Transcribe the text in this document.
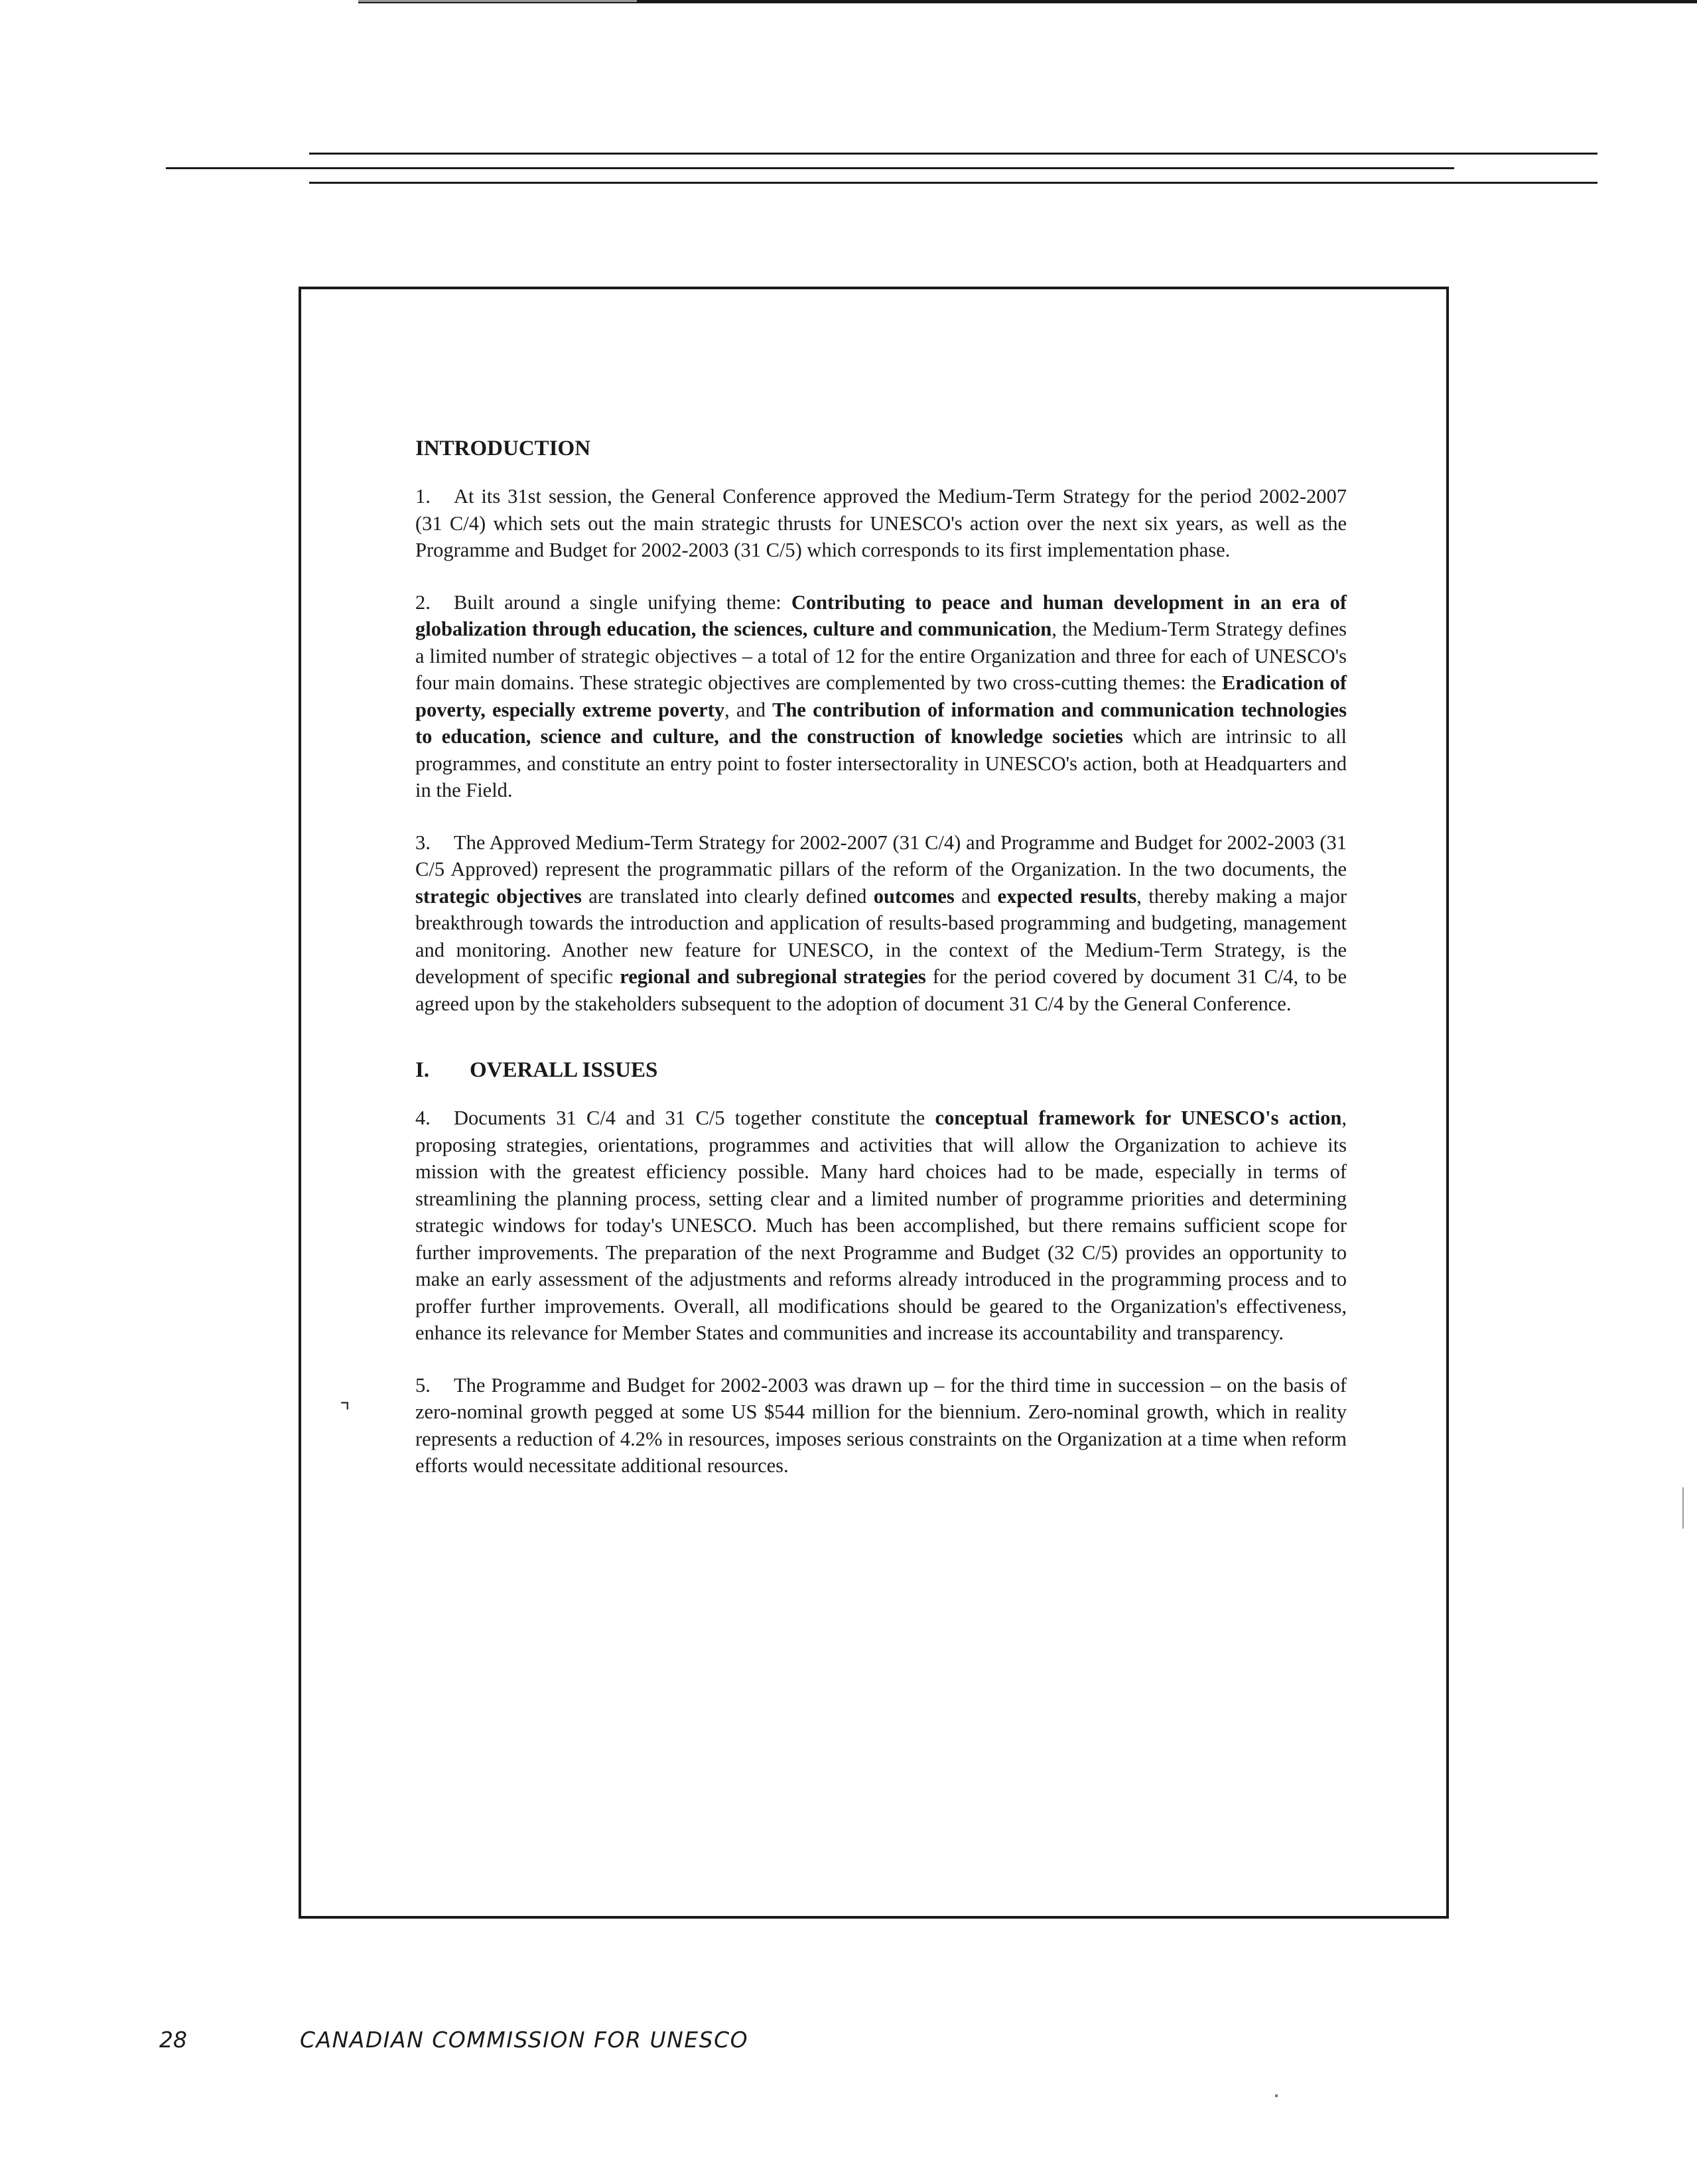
INTRODUCTION

1. At its 31st session, the General Conference approved the Medium-Term Strategy for the period 2002-2007 (31 C/4) which sets out the main strategic thrusts for UNESCO's action over the next six years, as well as the Programme and Budget for 2002-2003 (31 C/5) which corresponds to its first implementation phase.

2. Built around a single unifying theme: Contributing to peace and human development in an era of globalization through education, the sciences, culture and communication, the Medium-Term Strategy defines a limited number of strategic objectives – a total of 12 for the entire Organization and three for each of UNESCO's four main domains. These strategic objectives are complemented by two cross-cutting themes: the Eradication of poverty, especially extreme poverty, and The contribution of information and communication technologies to education, science and culture, and the construction of knowledge societies which are intrinsic to all programmes, and constitute an entry point to foster intersectorality in UNESCO's action, both at Headquarters and in the Field.

3. The Approved Medium-Term Strategy for 2002-2007 (31 C/4) and Programme and Budget for 2002-2003 (31 C/5 Approved) represent the programmatic pillars of the reform of the Organization. In the two documents, the strategic objectives are translated into clearly defined outcomes and expected results, thereby making a major breakthrough towards the introduction and application of results-based programming and budgeting, management and monitoring. Another new feature for UNESCO, in the context of the Medium-Term Strategy, is the development of specific regional and subregional strategies for the period covered by document 31 C/4, to be agreed upon by the stakeholders subsequent to the adoption of document 31 C/4 by the General Conference.

I. OVERALL ISSUES

4. Documents 31 C/4 and 31 C/5 together constitute the conceptual framework for UNESCO's action, proposing strategies, orientations, programmes and activities that will allow the Organization to achieve its mission with the greatest efficiency possible. Many hard choices had to be made, especially in terms of streamlining the planning process, setting clear and a limited number of programme priorities and determining strategic windows for today's UNESCO. Much has been accomplished, but there remains sufficient scope for further improvements. The preparation of the next Programme and Budget (32 C/5) provides an opportunity to make an early assessment of the adjustments and reforms already introduced in the programming process and to proffer further improvements. Overall, all modifications should be geared to the Organization's effectiveness, enhance its relevance for Member States and communities and increase its accountability and transparency.

5. The Programme and Budget for 2002-2003 was drawn up – for the third time in succession – on the basis of zero-nominal growth pegged at some US $544 million for the biennium. Zero-nominal growth, which in reality represents a reduction of 4.2% in resources, imposes serious constraints on the Organization at a time when reform efforts would necessitate additional resources.

⌝
28	CANADIAN COMMISSION FOR UNESCO
